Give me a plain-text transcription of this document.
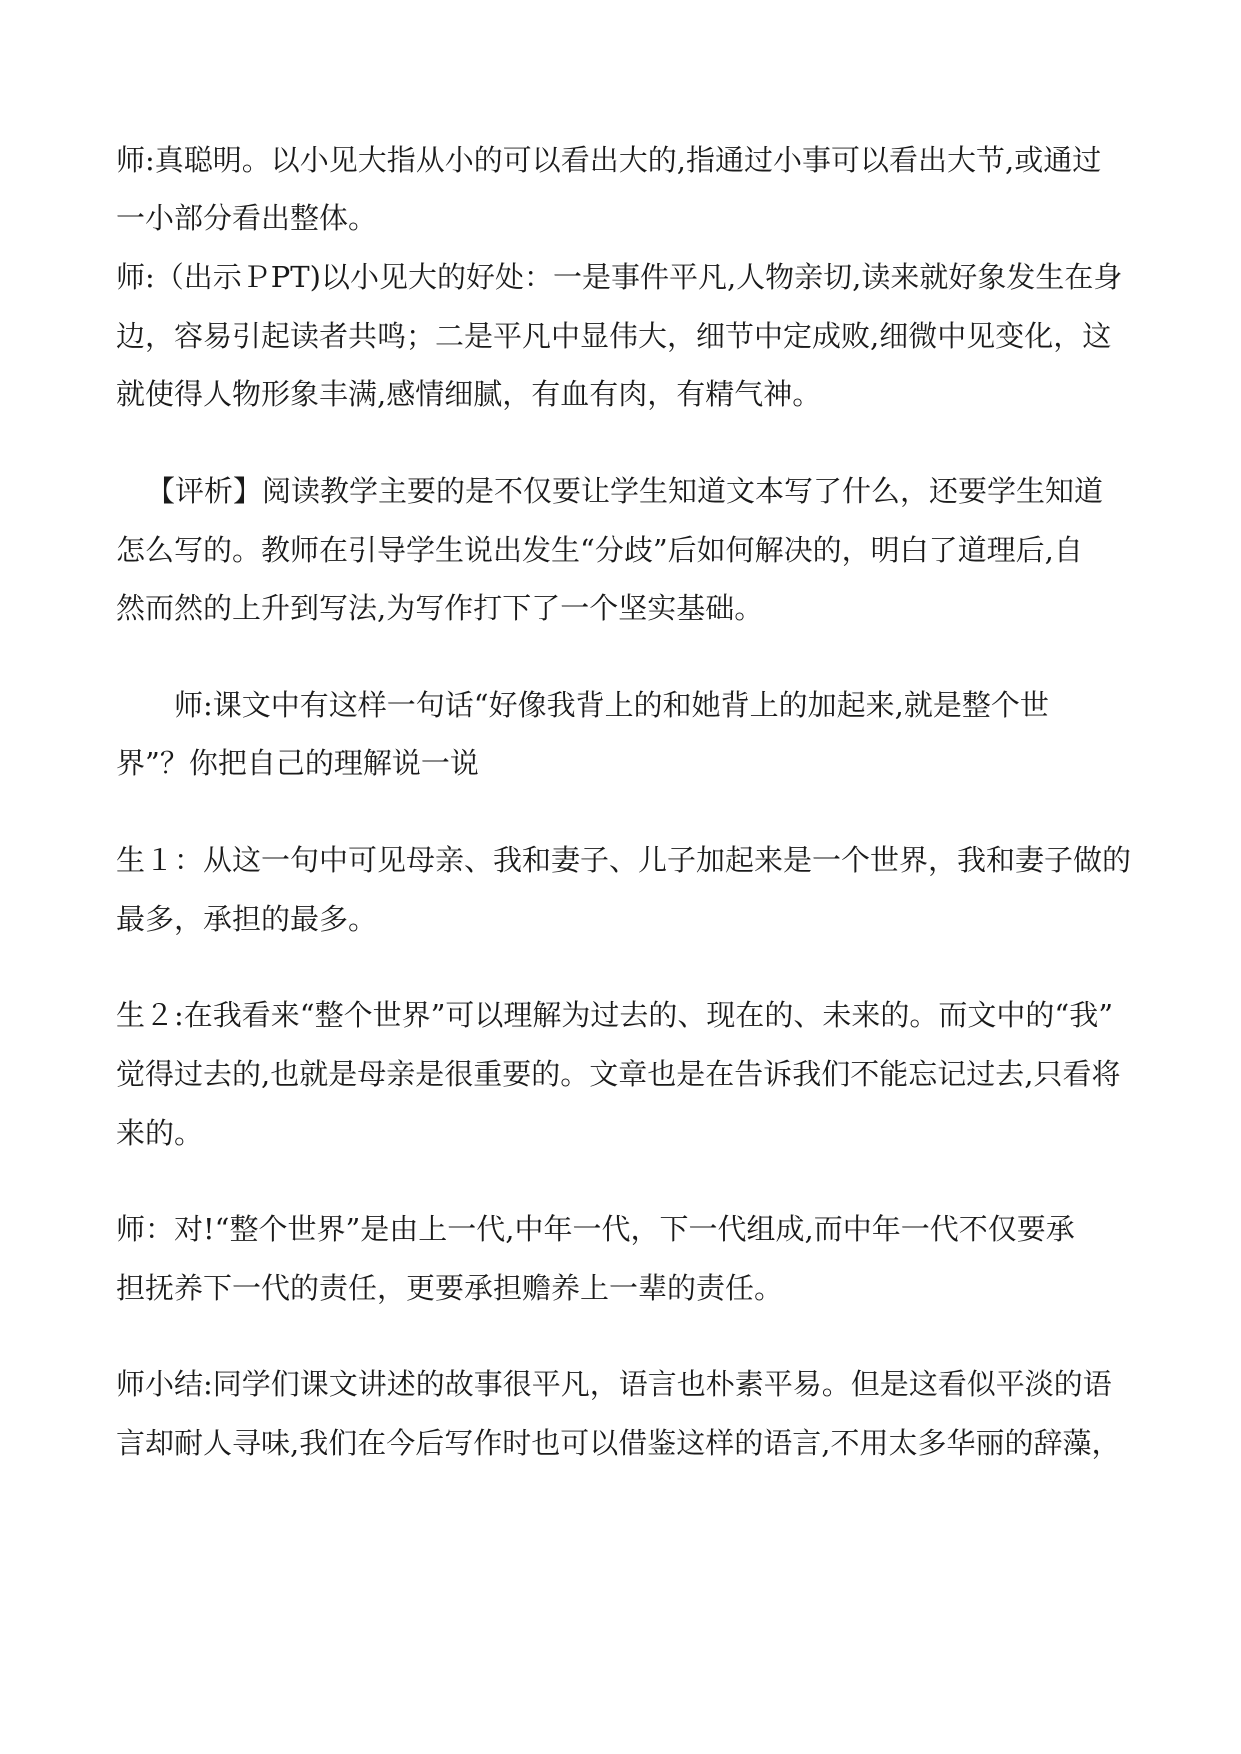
师:真聪明。以小见大指从小的可以看出大的,指通过小事可以看出大节,或通过
一小部分看出整体。
师:（出示ＰPT)以小见大的好处：一是事件平凡,人物亲切,读来就好象发生在身
边，容易引起读者共鸣；二是平凡中显伟大，细节中定成败,细微中见变化，这
就使得人物形象丰满,感情细腻，有血有肉，有精气神。
【评析】阅读教学主要的是不仅要让学生知道文本写了什么，还要学生知道
怎么写的。教师在引导学生说出发生“分歧”后如何解决的，明白了道理后,自
然而然的上升到写法,为写作打下了一个坚实基础。
师:课文中有这样一句话“好像我背上的和她背上的加起来,就是整个世
界”？你把自己的理解说一说
生１：从这一句中可见母亲、我和妻子、儿子加起来是一个世界，我和妻子做的
最多，承担的最多。
生２:在我看来“整个世界”可以理解为过去的、现在的、未来的。而文中的“我”
觉得过去的,也就是母亲是很重要的。文章也是在告诉我们不能忘记过去,只看将
来的。
师：对!“整个世界”是由上一代,中年一代，下一代组成,而中年一代不仅要承
担抚养下一代的责任，更要承担赡养上一辈的责任。
师小结:同学们课文讲述的故事很平凡，语言也朴素平易。但是这看似平淡的语
言却耐人寻味,我们在今后写作时也可以借鉴这样的语言,不用太多华丽的辞藻，
